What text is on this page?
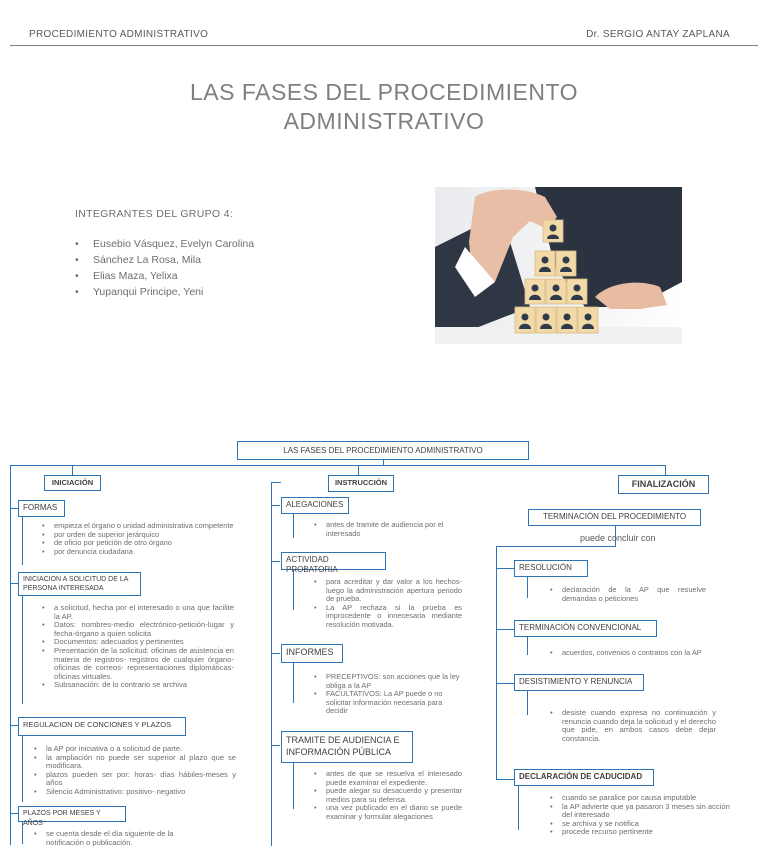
PROCEDIMIENTO ADMINISTRATIVO	Dr. SERGIO ANTAY ZAPLANA
LAS FASES DEL PROCEDIMIENTO
ADMINISTRATIVO
INTEGRANTES DEL GRUPO 4:
• Eusebio Vásquez, Evelyn Carolina
• Sánchez La Rosa, Mila
• Elias Maza, Yelixa
• Yupanqui Principe, Yeni
LAS FASES DEL PROCEDIMIENTO ADMINISTRATIVO
INICIACIÓN
FORMAS
• empieza el órgano o unidad administrativa competente
• por orden de superior jerárquico
• de oficio por petición de otro órgano
• por denuncia ciudadana
INICIACION A SOLICITUD DE LA PERSONA INTERESADA
• a solicitud, hecha por el interesado o una que facilite la AP.
• Datos: nombres-medio electrónico-petición-lugar y fecha-órgano a quien solicita
• Documentos: adecuados y pertinentes
• Presentación de la solicitud: oficinas de asistencia en materia de registros- registros de cualquier órgano- oficinas de correos- representaciones diplomáticas- oficinas virtuales.
• Subsanación: de lo contrario se archiva
REGULACION DE CONCIONES Y PLAZOS
• la AP por iniciativa o a solicitud de parte.
• la ampliación no puede ser superior al plazo que se modificara.
• plazos pueden ser por: horas- días hábiles-meses y años
• Silencio Administrativo: positivo- negativo
PLAZOS POR MESES Y AÑOS
• se cuenta desde el día siguiente de la notificación o publicación.
INSTRUCCIÓN
ALEGACIONES
• antes de tramite de audiencia por el interesado
ACTIVIDAD PROBATORIA
• para acreditar y dar valor a los hechos-luego la administración apertura periodo de prueba.
• La AP rechaza si la prueba es improcedente o innecesaria mediante resolución motivada.
INFORMES
• PRECEPTIVOS: son acciones que la ley obliga a la AP
• FACULTATIVOS: La AP puede o no solicitar información necesaria para decidir
TRAMITE DE AUDIENCIA E INFORMACIÓN PÚBLICA
• antes de que se resuelva el interesado puede examinar el expediente.
• puede alegar su desacuerdo y presentar medios para su defensa.
• una vez publicado en el diario se puede examinar y formular alegaciones
FINALIZACIÓN
TERMINACIÓN DEL PROCEDIMIENTO
puede concluir con
RESOLUCIÓN
• declaración de la AP que resuelve demandas o peticiones
TERMINACIÓN CONVENCIONAL
• acuerdos, convenios o contratos con la AP
DESISTIMIENTO Y RENUNCIA
• desiste cuando expresa no continuación y renuncia cuando deja la solicitud y el derecho que pide, en ambos casos debe dejar constancia.
DECLARACIÓN DE CADUCIDAD
• cuando se paralice por causa imputable
• la AP advierte que ya pasaron 3 meses sin acción del interesado
• se archiva y se notifica
• procede recurso pertinente
